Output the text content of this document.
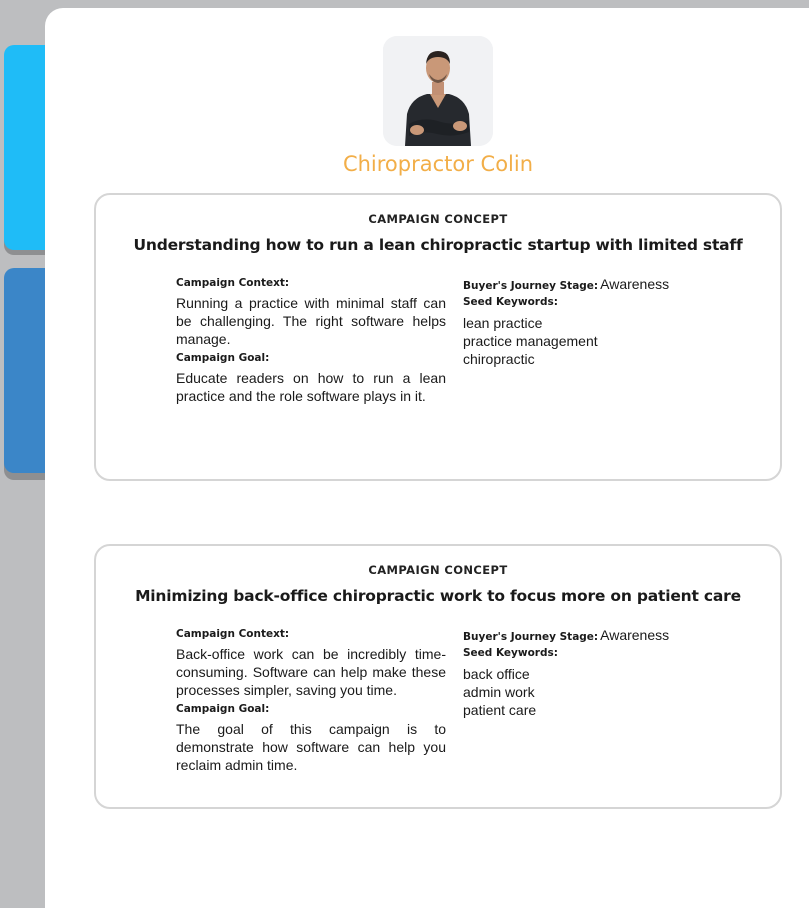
Chiropractor Colin
CAMPAIGN CONCEPT
Understanding how to run a lean chiropractic startup with limited staff
Campaign Context:
Running a practice with minimal staff can be challenging. The right software helps manage.
Campaign Goal:
Educate readers on how to run a lean practice and the role software plays in it.
Buyer's Journey Stage: Awareness
Seed Keywords:
lean practice
practice management
chiropractic
CAMPAIGN CONCEPT
Minimizing back-office chiropractic work to focus more on patient care
Campaign Context:
Back-office work can be incredibly time-consuming. Software can help make these processes simpler, saving you time.
Campaign Goal:
The goal of this campaign is to demonstrate how software can help you reclaim admin time.
Buyer's Journey Stage: Awareness
Seed Keywords:
back office
admin work
patient care
